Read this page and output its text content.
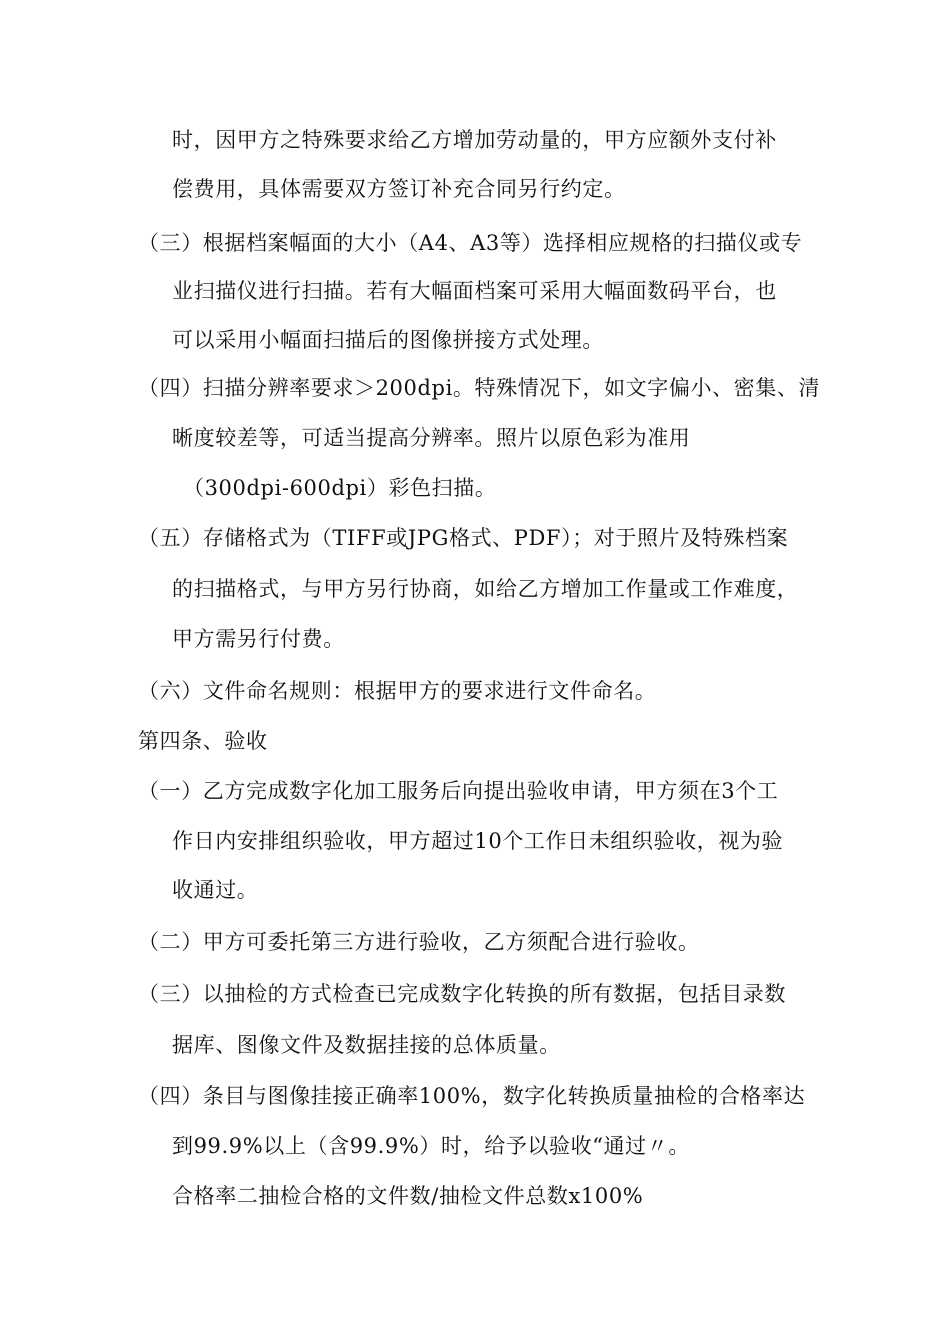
时，因甲方之特殊要求给乙方增加劳动量的，甲方应额外支付补
偿费用，具体需要双方签订补充合同另行约定。
（三）根据档案幅面的大小（A4、A3等）选择相应规格的扫描仪或专
业扫描仪进行扫描。若有大幅面档案可采用大幅面数码平台，也
可以采用小幅面扫描后的图像拼接方式处理。
（四）扫描分辨率要求＞200dpi。特殊情况下，如文字偏小、密集、清
晰度较差等，可适当提高分辨率。照片以原色彩为准用
（300dpi-600dpi）彩色扫描。
（五）存储格式为（TIFF或JPG格式、PDF）；对于照片及特殊档案
的扫描格式，与甲方另行协商，如给乙方增加工作量或工作难度，
甲方需另行付费。
（六）文件命名规则：根据甲方的要求进行文件命名。
第四条、验收
（一）乙方完成数字化加工服务后向提出验收申请，甲方须在3个工
作日内安排组织验收，甲方超过10个工作日未组织验收，视为验
收通过。
（二）甲方可委托第三方进行验收，乙方须配合进行验收。
（三）以抽检的方式检查已完成数字化转换的所有数据，包括目录数
据库、图像文件及数据挂接的总体质量。
（四）条目与图像挂接正确率100%，数字化转换质量抽检的合格率达
到99.9%以上（含99.9%）时，给予以验收“通过〃。
合格率二抽检合格的文件数/抽检文件总数x100%
